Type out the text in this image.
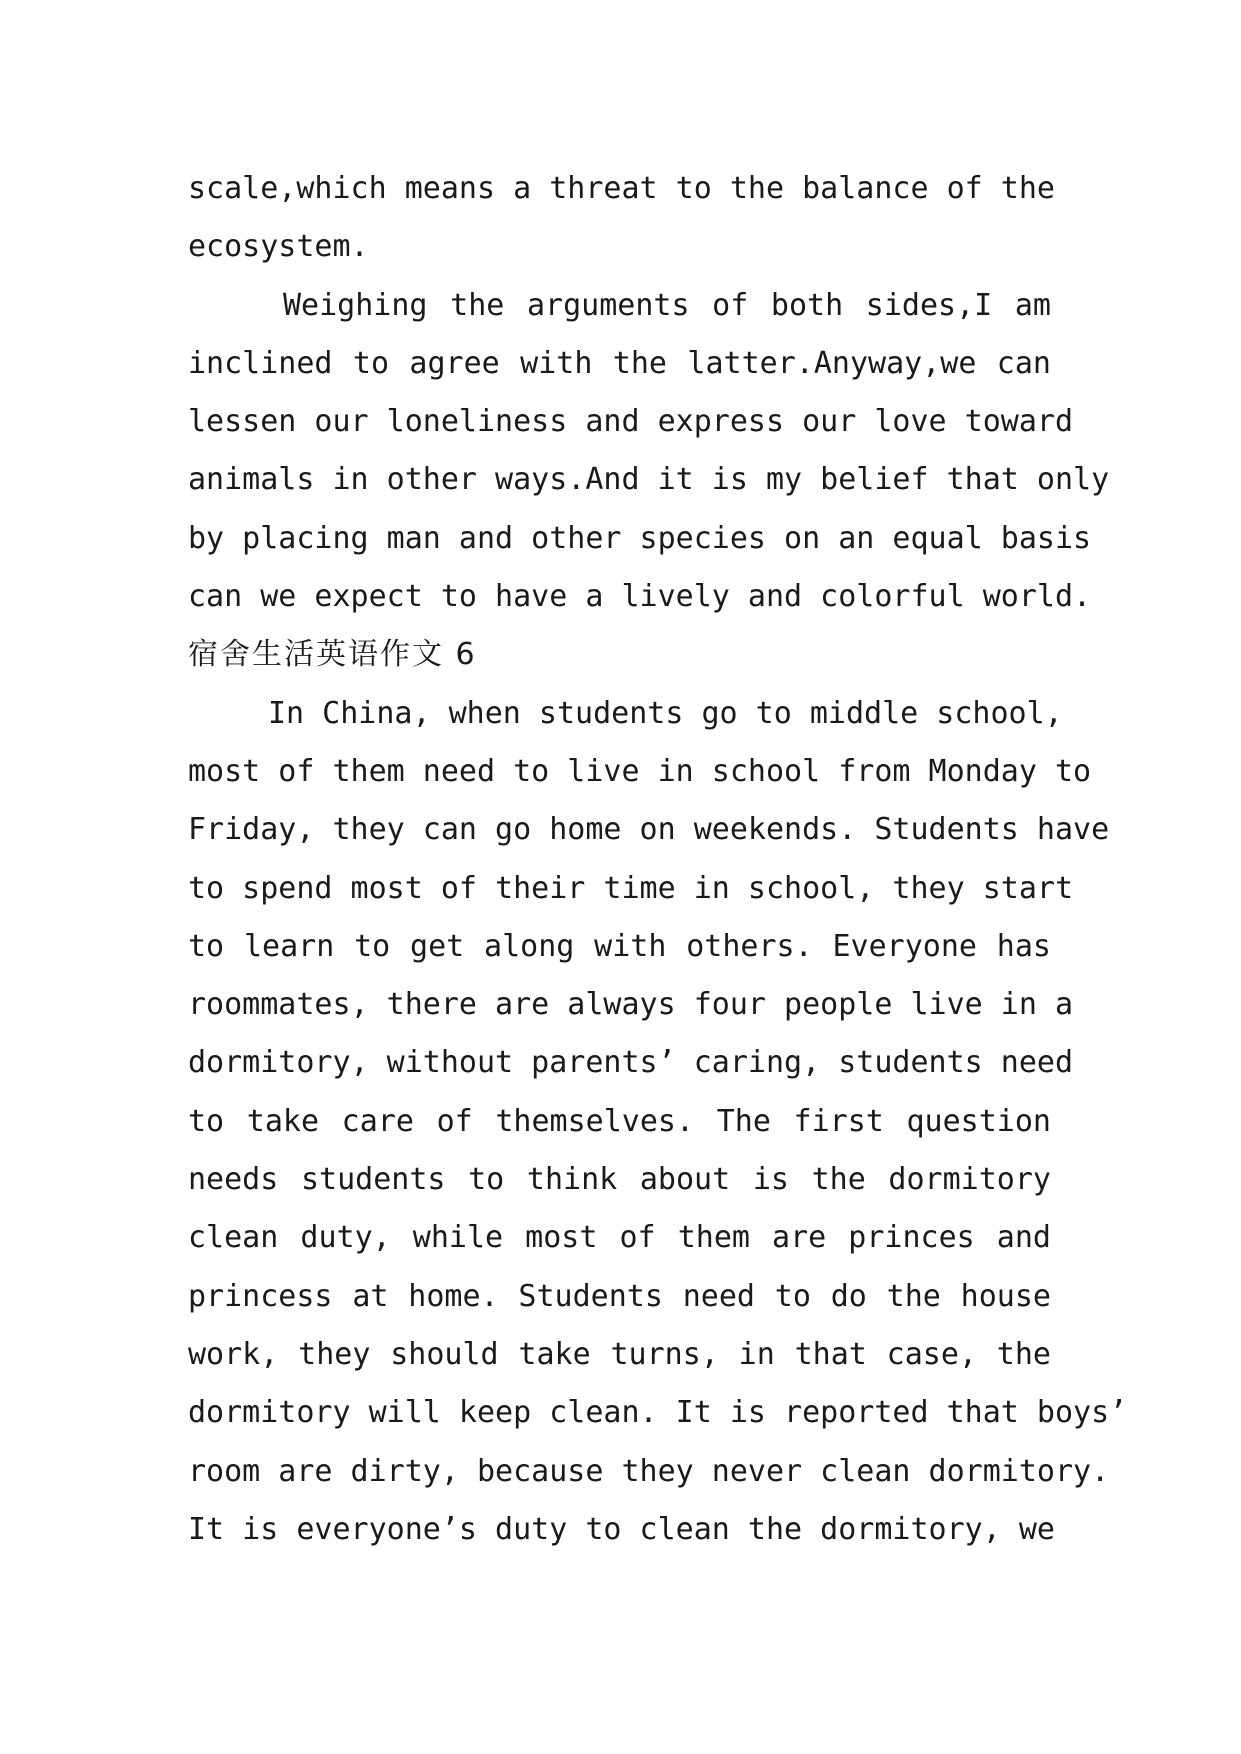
scale,which means a threat to the balance of the
ecosystem.
Weighing the arguments of both sides,I am
inclined to agree with the latter.Anyway,we can
lessen our loneliness and express our love toward
animals in other ways.And it is my belief that only
by placing man and other species on an equal basis
can we expect to have a lively and colorful world.
宿舍生活英语作文 6
In China, when students go to middle school,
most of them need to live in school from Monday to
Friday, they can go home on weekends. Students have
to spend most of their time in school, they start
to learn to get along with others. Everyone has
roommates, there are always four people live in a
dormitory, without parents’ caring, students need
to take care of themselves. The first question
needs students to think about is the dormitory
clean duty, while most of them are princes and
princess at home. Students need to do the house
work, they should take turns, in that case, the
dormitory will keep clean. It is reported that boys’
room are dirty, because they never clean dormitory.
It is everyone’s duty to clean the dormitory, we
